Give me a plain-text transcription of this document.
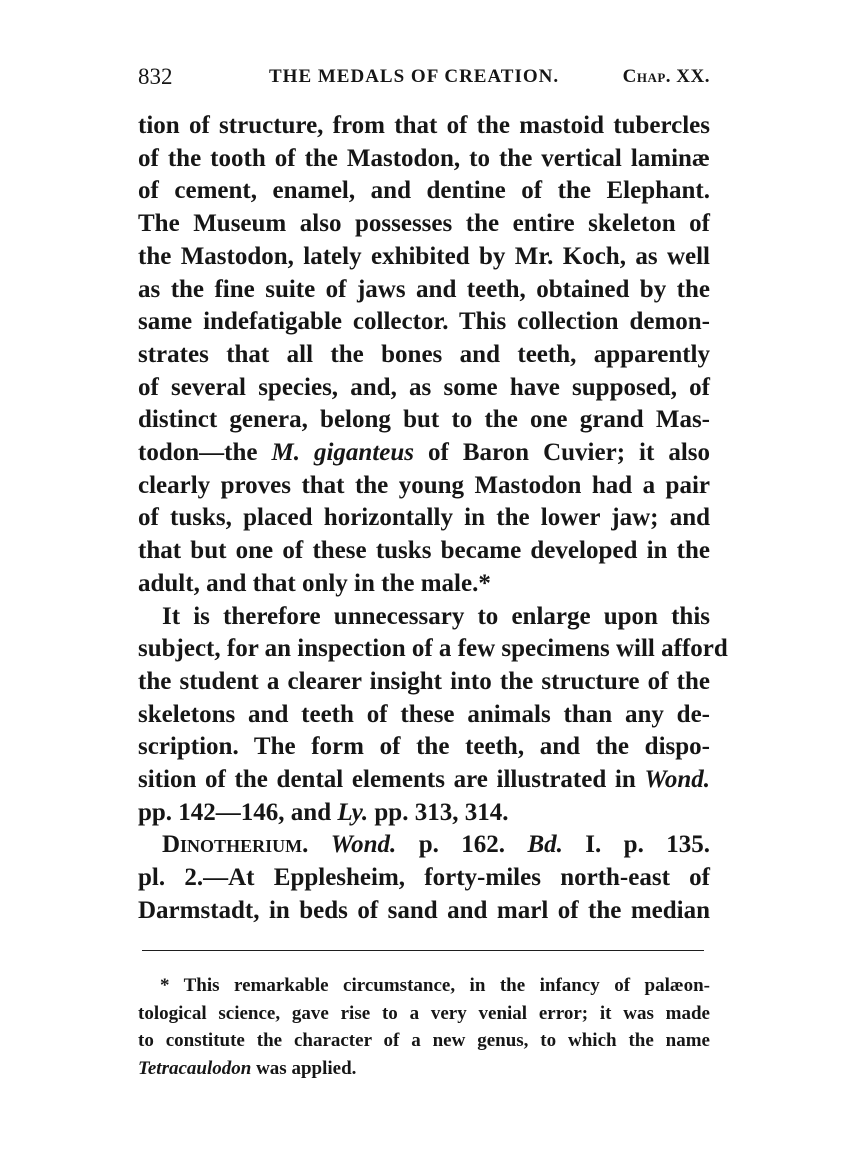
832	THE MEDALS OF CREATION.	Chap. XX.
tion of structure, from that of the mastoid tubercles
of the tooth of the Mastodon, to the vertical laminæ
of cement, enamel, and dentine of the Elephant.
The Museum also possesses the entire skeleton of
the Mastodon, lately exhibited by Mr. Koch, as well
as the fine suite of jaws and teeth, obtained by the
same indefatigable collector. This collection demon-
strates that all the bones and teeth, apparently
of several species, and, as some have supposed, of
distinct genera, belong but to the one grand Mas-
todon—the M. giganteus of Baron Cuvier; it also
clearly proves that the young Mastodon had a pair
of tusks, placed horizontally in the lower jaw; and
that but one of these tusks became developed in the
adult, and that only in the male.*
It is therefore unnecessary to enlarge upon this
subject, for an inspection of a few specimens will afford
the student a clearer insight into the structure of the
skeletons and teeth of these animals than any de-
scription. The form of the teeth, and the dispo-
sition of the dental elements are illustrated in Wond.
pp. 142—146, and Ly. pp. 313, 314.
Dinotherium. Wond. p. 162. Bd. I. p. 135.
pl. 2.—At Epplesheim, forty-miles north-east of
Darmstadt, in beds of sand and marl of the median
* This remarkable circumstance, in the infancy of palæon-
tological science, gave rise to a very venial error; it was made
to constitute the character of a new genus, to which the name
Tetracaulodon was applied.
